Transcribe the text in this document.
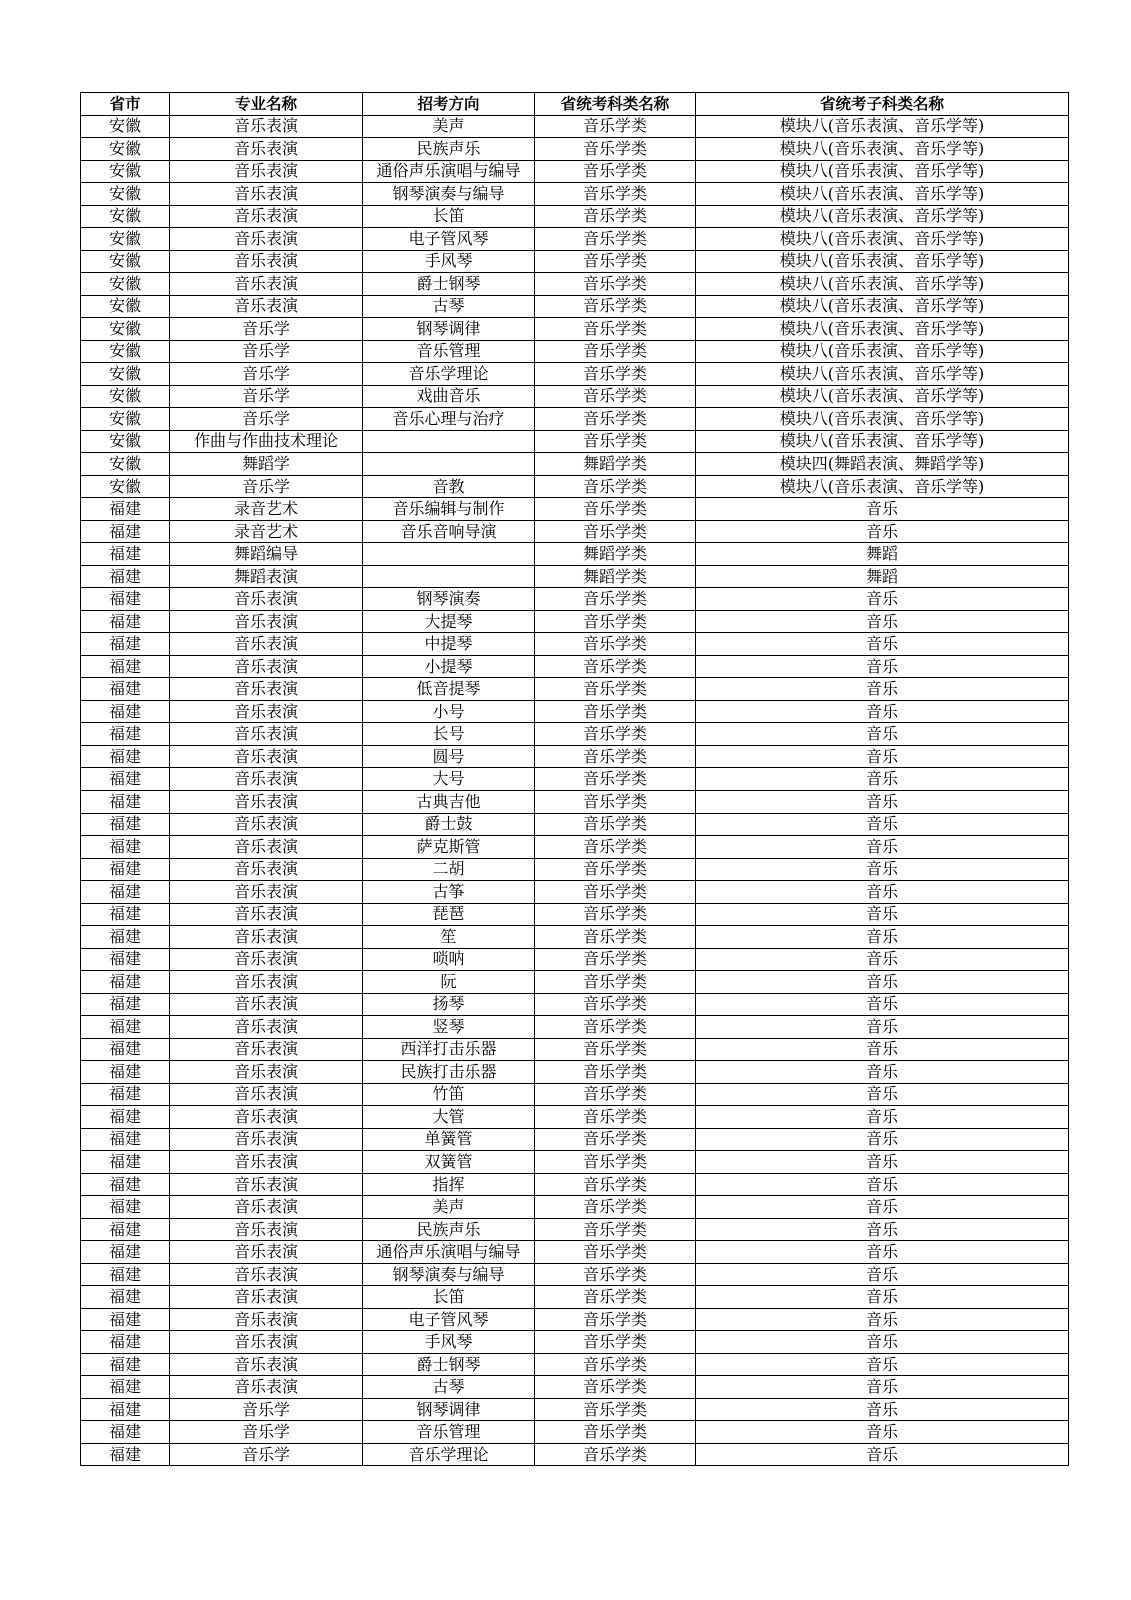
省市	专业名称	招考方向	省统考科类名称	省统考子科类名称
安徽	音乐表演	美声	音乐学类	模块八(音乐表演、音乐学等)
安徽	音乐表演	民族声乐	音乐学类	模块八(音乐表演、音乐学等)
安徽	音乐表演	通俗声乐演唱与编导	音乐学类	模块八(音乐表演、音乐学等)
安徽	音乐表演	钢琴演奏与编导	音乐学类	模块八(音乐表演、音乐学等)
安徽	音乐表演	长笛	音乐学类	模块八(音乐表演、音乐学等)
安徽	音乐表演	电子管风琴	音乐学类	模块八(音乐表演、音乐学等)
安徽	音乐表演	手风琴	音乐学类	模块八(音乐表演、音乐学等)
安徽	音乐表演	爵士钢琴	音乐学类	模块八(音乐表演、音乐学等)
安徽	音乐表演	古琴	音乐学类	模块八(音乐表演、音乐学等)
安徽	音乐学	钢琴调律	音乐学类	模块八(音乐表演、音乐学等)
安徽	音乐学	音乐管理	音乐学类	模块八(音乐表演、音乐学等)
安徽	音乐学	音乐学理论	音乐学类	模块八(音乐表演、音乐学等)
安徽	音乐学	戏曲音乐	音乐学类	模块八(音乐表演、音乐学等)
安徽	音乐学	音乐心理与治疗	音乐学类	模块八(音乐表演、音乐学等)
安徽	作曲与作曲技术理论		音乐学类	模块八(音乐表演、音乐学等)
安徽	舞蹈学		舞蹈学类	模块四(舞蹈表演、舞蹈学等)
安徽	音乐学	音教	音乐学类	模块八(音乐表演、音乐学等)
福建	录音艺术	音乐编辑与制作	音乐学类	音乐
福建	录音艺术	音乐音响导演	音乐学类	音乐
福建	舞蹈编导		舞蹈学类	舞蹈
福建	舞蹈表演		舞蹈学类	舞蹈
福建	音乐表演	钢琴演奏	音乐学类	音乐
福建	音乐表演	大提琴	音乐学类	音乐
福建	音乐表演	中提琴	音乐学类	音乐
福建	音乐表演	小提琴	音乐学类	音乐
福建	音乐表演	低音提琴	音乐学类	音乐
福建	音乐表演	小号	音乐学类	音乐
福建	音乐表演	长号	音乐学类	音乐
福建	音乐表演	圆号	音乐学类	音乐
福建	音乐表演	大号	音乐学类	音乐
福建	音乐表演	古典吉他	音乐学类	音乐
福建	音乐表演	爵士鼓	音乐学类	音乐
福建	音乐表演	萨克斯管	音乐学类	音乐
福建	音乐表演	二胡	音乐学类	音乐
福建	音乐表演	古筝	音乐学类	音乐
福建	音乐表演	琵琶	音乐学类	音乐
福建	音乐表演	笙	音乐学类	音乐
福建	音乐表演	唢呐	音乐学类	音乐
福建	音乐表演	阮	音乐学类	音乐
福建	音乐表演	扬琴	音乐学类	音乐
福建	音乐表演	竖琴	音乐学类	音乐
福建	音乐表演	西洋打击乐器	音乐学类	音乐
福建	音乐表演	民族打击乐器	音乐学类	音乐
福建	音乐表演	竹笛	音乐学类	音乐
福建	音乐表演	大管	音乐学类	音乐
福建	音乐表演	单簧管	音乐学类	音乐
福建	音乐表演	双簧管	音乐学类	音乐
福建	音乐表演	指挥	音乐学类	音乐
福建	音乐表演	美声	音乐学类	音乐
福建	音乐表演	民族声乐	音乐学类	音乐
福建	音乐表演	通俗声乐演唱与编导	音乐学类	音乐
福建	音乐表演	钢琴演奏与编导	音乐学类	音乐
福建	音乐表演	长笛	音乐学类	音乐
福建	音乐表演	电子管风琴	音乐学类	音乐
福建	音乐表演	手风琴	音乐学类	音乐
福建	音乐表演	爵士钢琴	音乐学类	音乐
福建	音乐表演	古琴	音乐学类	音乐
福建	音乐学	钢琴调律	音乐学类	音乐
福建	音乐学	音乐管理	音乐学类	音乐
福建	音乐学	音乐学理论	音乐学类	音乐
